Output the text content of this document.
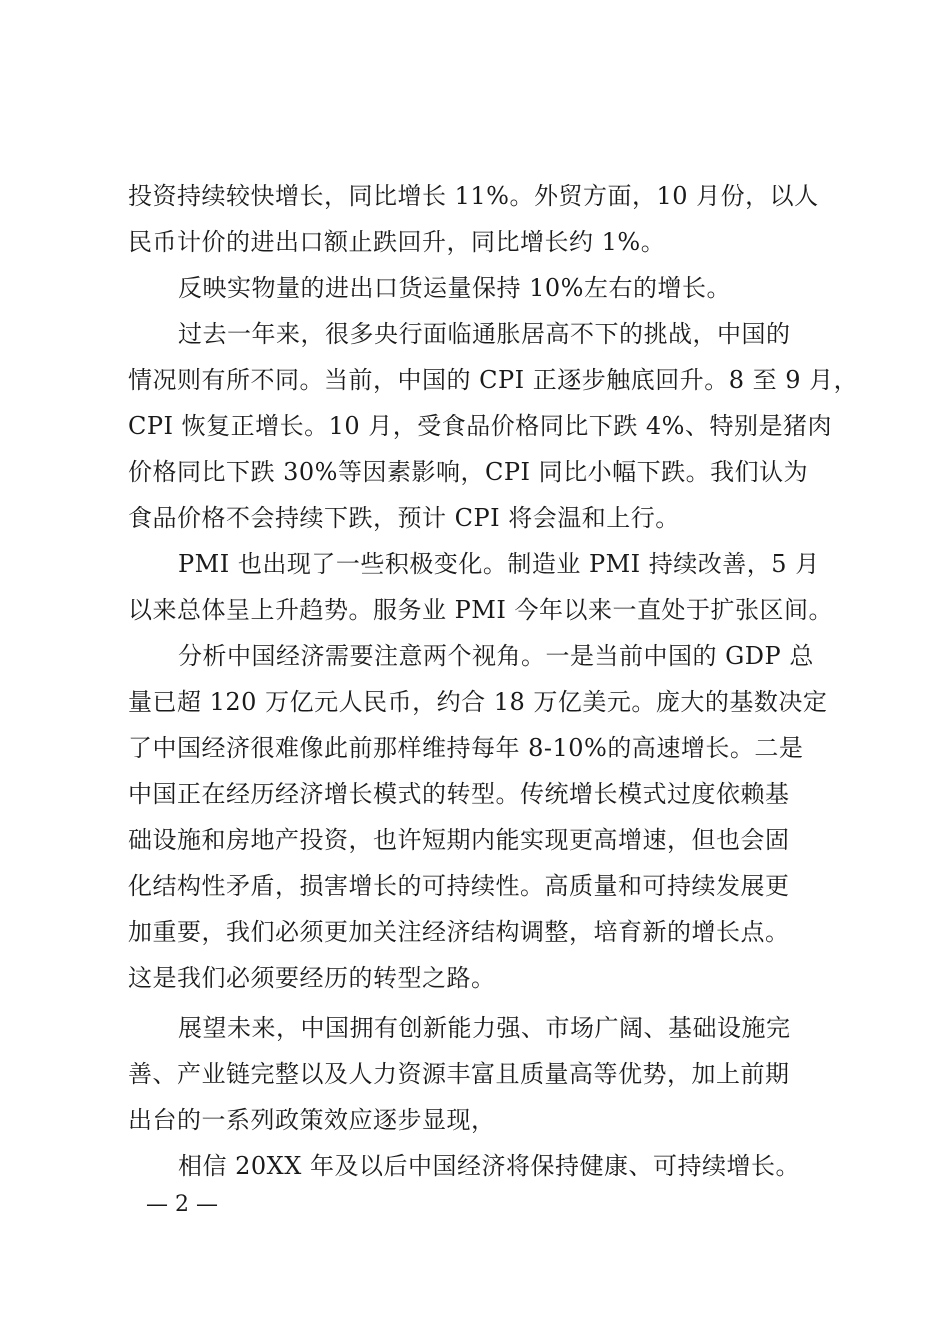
投资持续较快增长，同比增长 11%。外贸方面，10 月份，以人
民币计价的进出口额止跌回升，同比增长约 1%。
反映实物量的进出口货运量保持 10%左右的增长。
过去一年来，很多央行面临通胀居高不下的挑战，中国的
情况则有所不同。当前，中国的 CPI 正逐步触底回升。8 至 9 月，
CPI 恢复正增长。10 月，受食品价格同比下跌 4%、特别是猪肉
价格同比下跌 30%等因素影响，CPI 同比小幅下跌。我们认为
食品价格不会持续下跌，预计 CPI 将会温和上行。
PMI 也出现了一些积极变化。制造业 PMI 持续改善，5 月
以来总体呈上升趋势。服务业 PMI 今年以来一直处于扩张区间。
分析中国经济需要注意两个视角。一是当前中国的 GDP 总
量已超 120 万亿元人民币，约合 18 万亿美元。庞大的基数决定
了中国经济很难像此前那样维持每年 8-10%的高速增长。二是
中国正在经历经济增长模式的转型。传统增长模式过度依赖基
础设施和房地产投资，也许短期内能实现更高增速，但也会固
化结构性矛盾，损害增长的可持续性。高质量和可持续发展更
加重要，我们必须更加关注经济结构调整，培育新的增长点。
这是我们必须要经历的转型之路。
展望未来，中国拥有创新能力强、市场广阔、基础设施完
善、产业链完整以及人力资源丰富且质量高等优势，加上前期
出台的一系列政策效应逐步显现，
相信 20XX 年及以后中国经济将保持健康、可持续增长。
— 2 —
